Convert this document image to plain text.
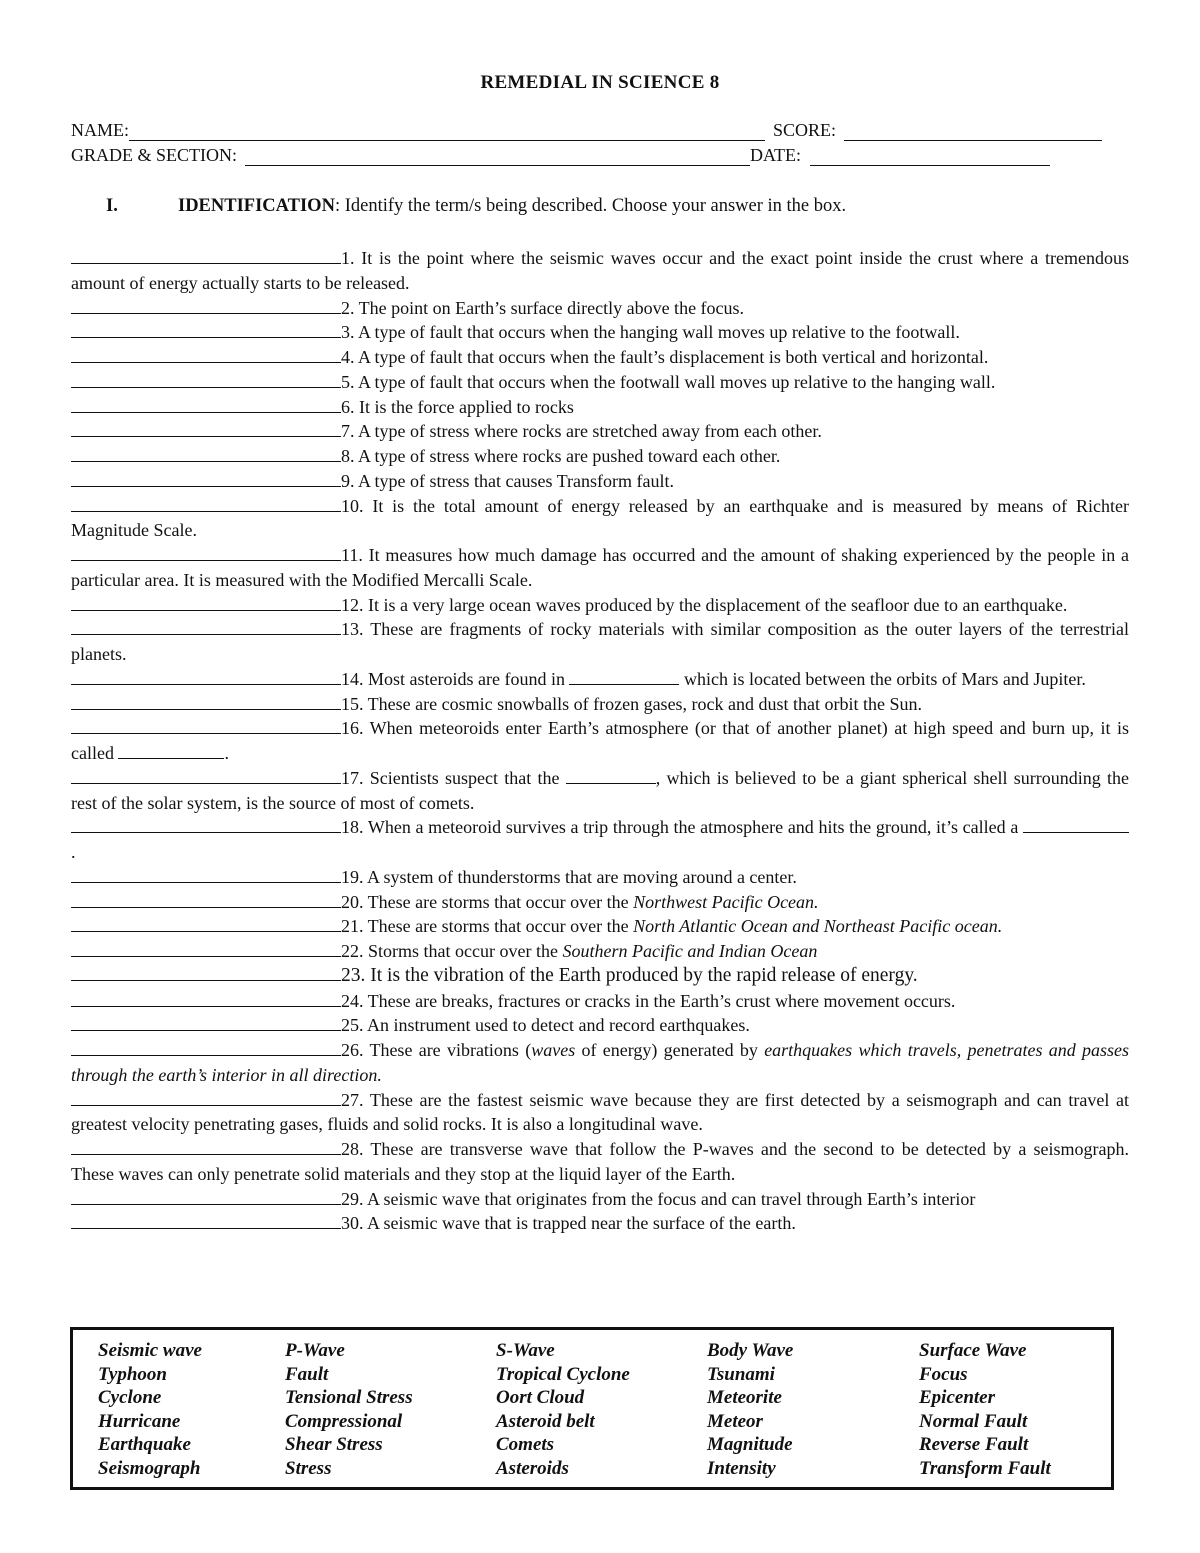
REMEDIAL IN SCIENCE 8
NAME:	SCORE:
GRADE & SECTION:	DATE:
I.	IDENTIFICATION: Identify the term/s being described. Choose your answer in the box.
1. It is the point where the seismic waves occur and the exact point inside the crust where a tremendous amount of energy actually starts to be released.
2. The point on Earth’s surface directly above the focus.
3. A type of fault that occurs when the hanging wall moves up relative to the footwall.
4. A type of fault that occurs when the fault’s displacement is both vertical and horizontal.
5. A type of fault that occurs when the footwall wall moves up relative to the hanging wall.
6. It is the force applied to rocks
7. A type of stress where rocks are stretched away from each other.
8. A type of stress where rocks are pushed toward each other.
9. A type of stress that causes Transform fault.
10. It is the total amount of energy released by an earthquake and is measured by means of Richter Magnitude Scale.
11. It measures how much damage has occurred and the amount of shaking experienced by the people in a particular area. It is measured with the Modified Mercalli Scale.
12. It is a very large ocean waves produced by the displacement of the seafloor due to an earthquake.
13. These are fragments of rocky materials with similar composition as the outer layers of the terrestrial planets.
14. Most asteroids are found in	which is located between the orbits of Mars and Jupiter.
15. These are cosmic snowballs of frozen gases, rock and dust that orbit the Sun.
16. When meteoroids enter Earth’s atmosphere (or that of another planet) at high speed and burn up, it is called	.
17. Scientists suspect that the	, which is believed to be a giant spherical shell surrounding the rest of the solar system, is the source of most of comets.
18. When a meteoroid survives a trip through the atmosphere and hits the ground, it’s called a .
19. A system of thunderstorms that are moving around a center.
20. These are storms that occur over the Northwest Pacific Ocean.
21. These are storms that occur over the North Atlantic Ocean and Northeast Pacific ocean.
22. Storms that occur over the Southern Pacific and Indian Ocean
23. It is the vibration of the Earth produced by the rapid release of energy.
24. These are breaks, fractures or cracks in the Earth’s crust where movement occurs.
25. An instrument used to detect and record earthquakes.
26. These are vibrations (waves of energy) generated by earthquakes which travels, penetrates and passes through the earth’s interior in all direction.
27. These are the fastest seismic wave because they are first detected by a seismograph and can travel at greatest velocity penetrating gases, fluids and solid rocks. It is also a longitudinal wave.
28. These are transverse wave that follow the P-waves and the second to be detected by a seismograph. These waves can only penetrate solid materials and they stop at the liquid layer of the Earth.
29. A seismic wave that originates from the focus and can travel through Earth’s interior
30. A seismic wave that is trapped near the surface of the earth.
Seismic wave	P-Wave	S-Wave	Body Wave	Surface Wave
Typhoon	Fault	Tropical Cyclone	Tsunami	Focus
Cyclone	Tensional Stress	Oort Cloud	Meteorite	Epicenter
Hurricane	Compressional	Asteroid belt	Meteor	Normal Fault
Earthquake	Shear Stress	Comets	Magnitude	Reverse Fault
Seismograph	Stress	Asteroids	Intensity	Transform Fault
